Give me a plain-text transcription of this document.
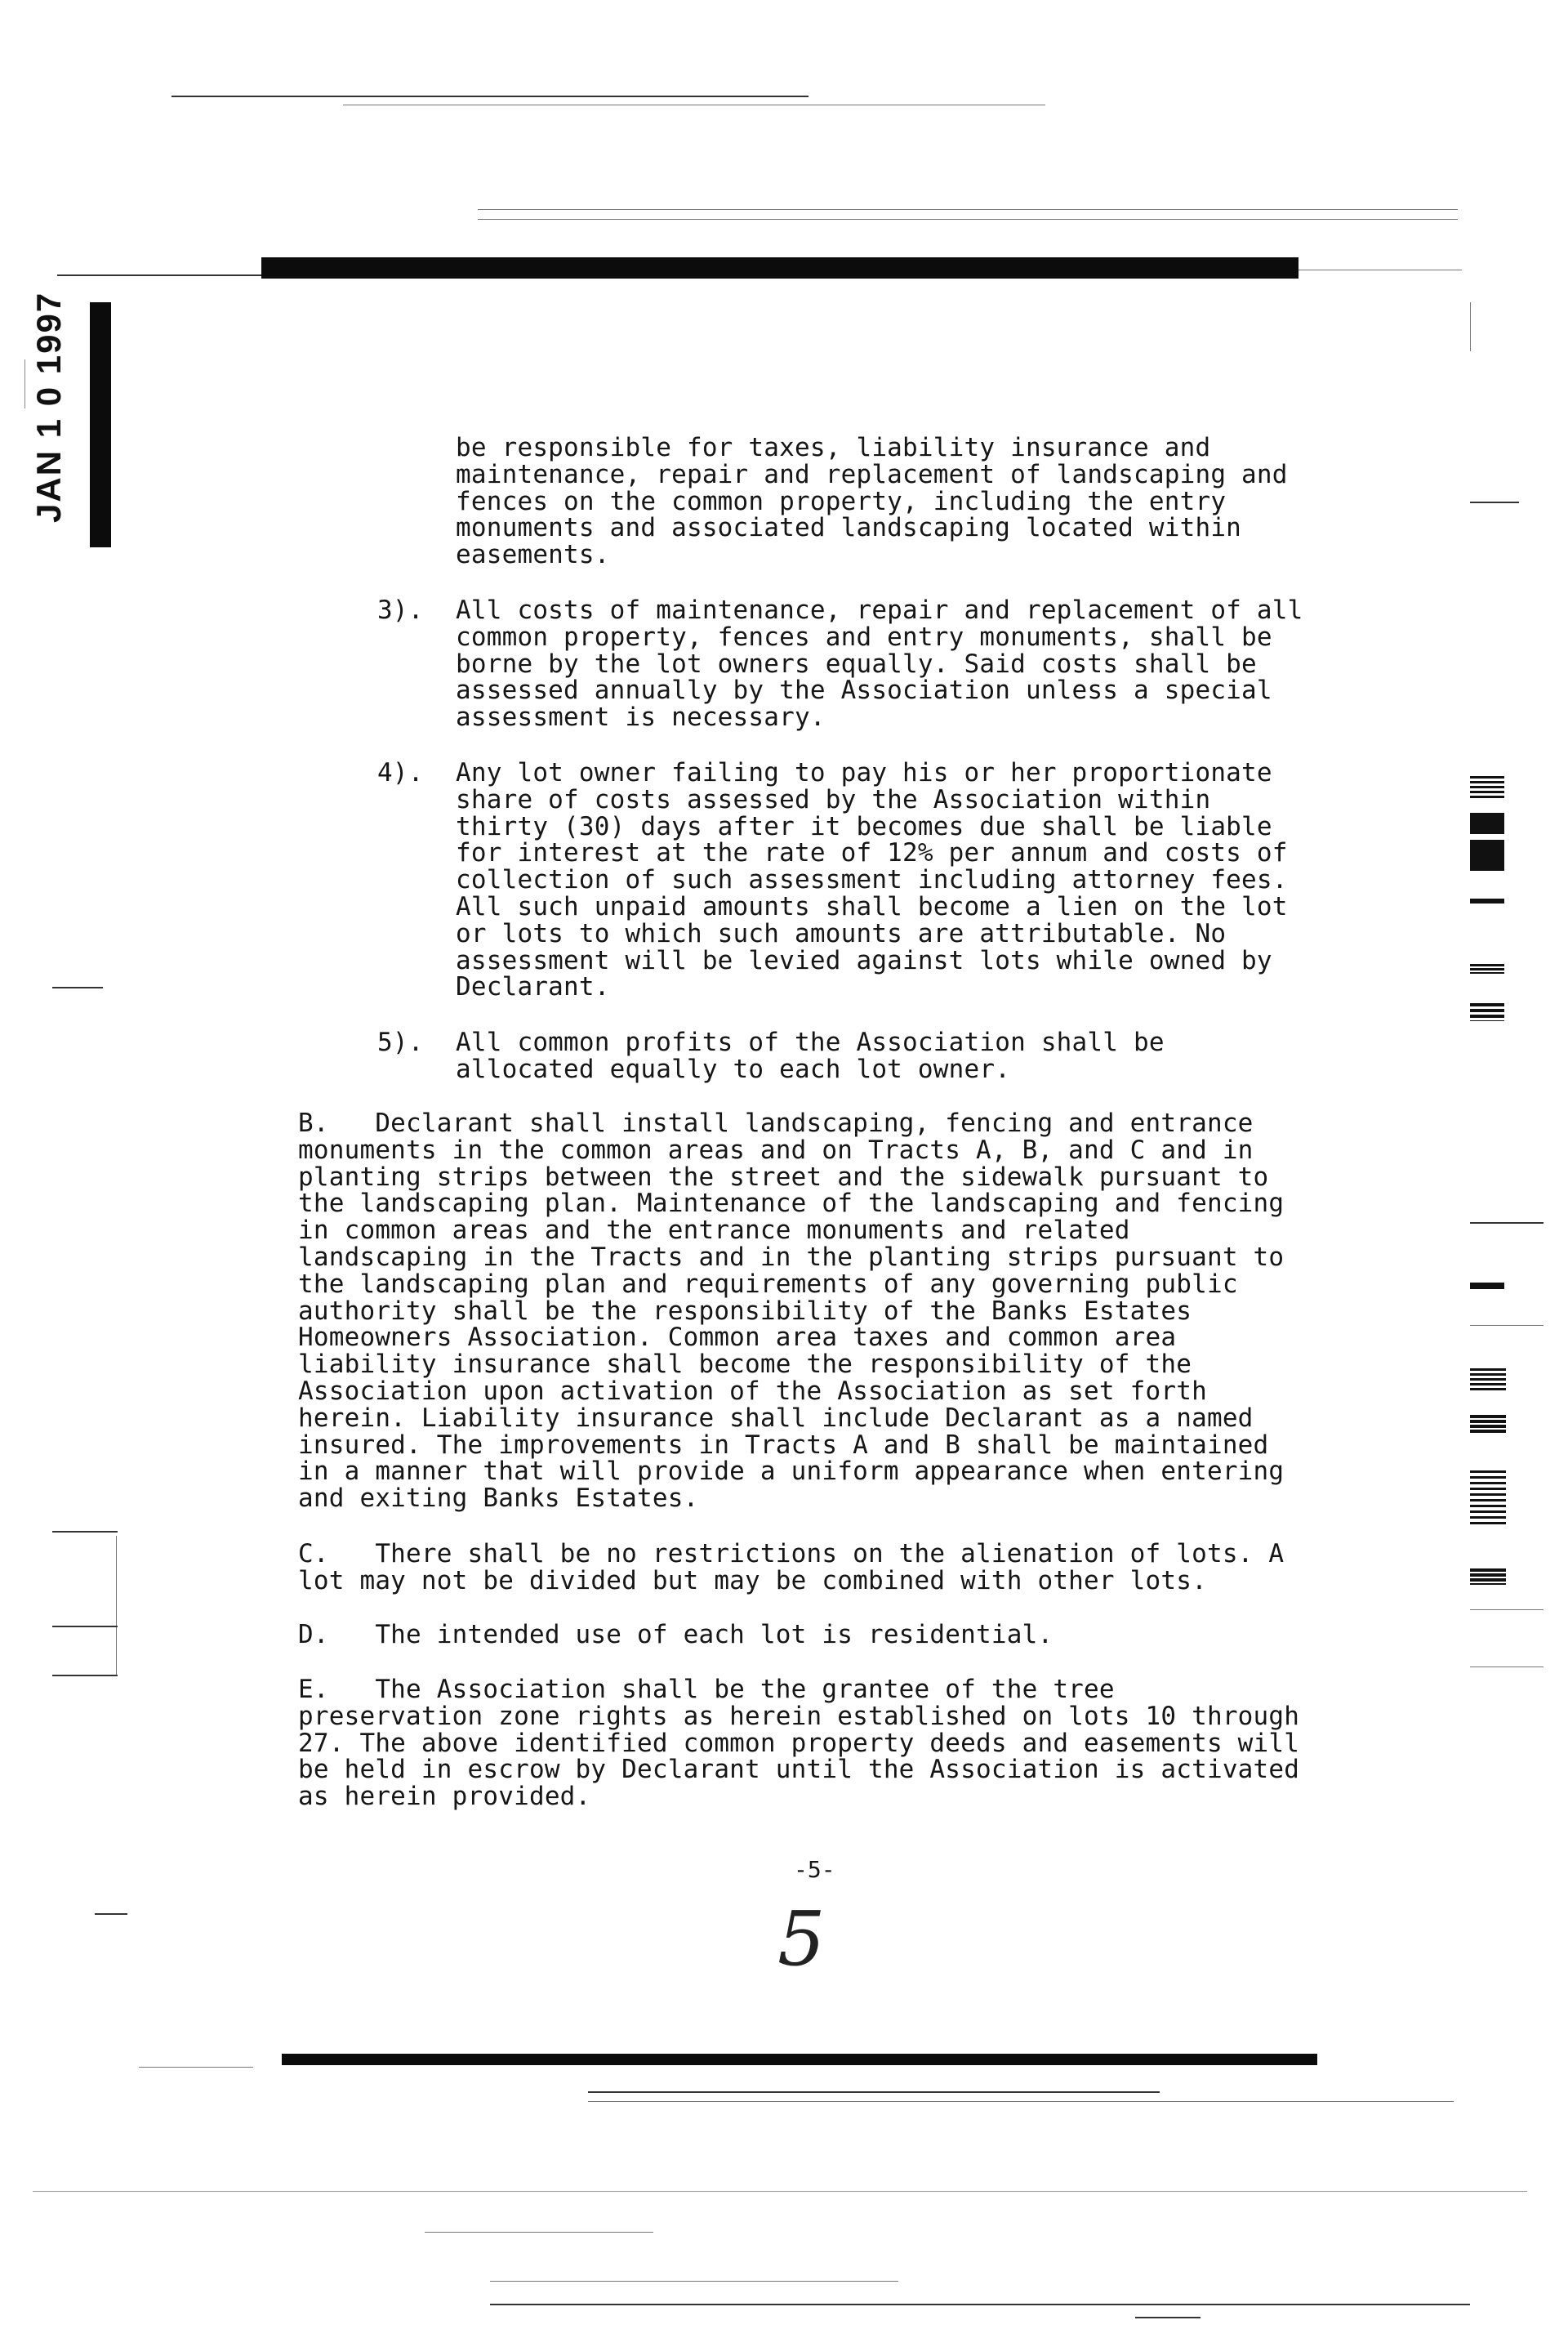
JAN 1 0 1997	be responsible for taxes, liability insurance and
maintenance, repair and replacement of landscaping and
fences on the common property, including the entry
monuments and associated landscaping located within
easements.
3). All costs of maintenance, repair and replacement of all
common property, fences and entry monuments, shall be
borne by the lot owners equally. Said costs shall be
assessed annually by the Association unless a special
assessment is necessary.
4). Any lot owner failing to pay his or her proportionate
share of costs assessed by the Association within
thirty (30) days after it becomes due shall be liable
for interest at the rate of 12% per annum and costs of
collection of such assessment including attorney fees.
All such unpaid amounts shall become a lien on the lot
or lots to which such amounts are attributable. No
assessment will be levied against lots while owned by
Declarant.
5). All common profits of the Association shall be
allocated equally to each lot owner.
B.   Declarant shall install landscaping, fencing and entrance
monuments in the common areas and on Tracts A, B, and C and in
planting strips between the street and the sidewalk pursuant to
the landscaping plan. Maintenance of the landscaping and fencing
in common areas and the entrance monuments and related
landscaping in the Tracts and in the planting strips pursuant to
the landscaping plan and requirements of any governing public
authority shall be the responsibility of the Banks Estates
Homeowners Association. Common area taxes and common area
liability insurance shall become the responsibility of the
Association upon activation of the Association as set forth
herein. Liability insurance shall include Declarant as a named
insured. The improvements in Tracts A and B shall be maintained
in a manner that will provide a uniform appearance when entering
and exiting Banks Estates.
C.   There shall be no restrictions on the alienation of lots. A
lot may not be divided but may be combined with other lots.
D.   The intended use of each lot is residential.
E.   The Association shall be the grantee of the tree
preservation zone rights as herein established on lots 10 through
27. The above identified common property deeds and easements will
be held in escrow by Declarant until the Association is activated
as herein provided.
-5-
5
